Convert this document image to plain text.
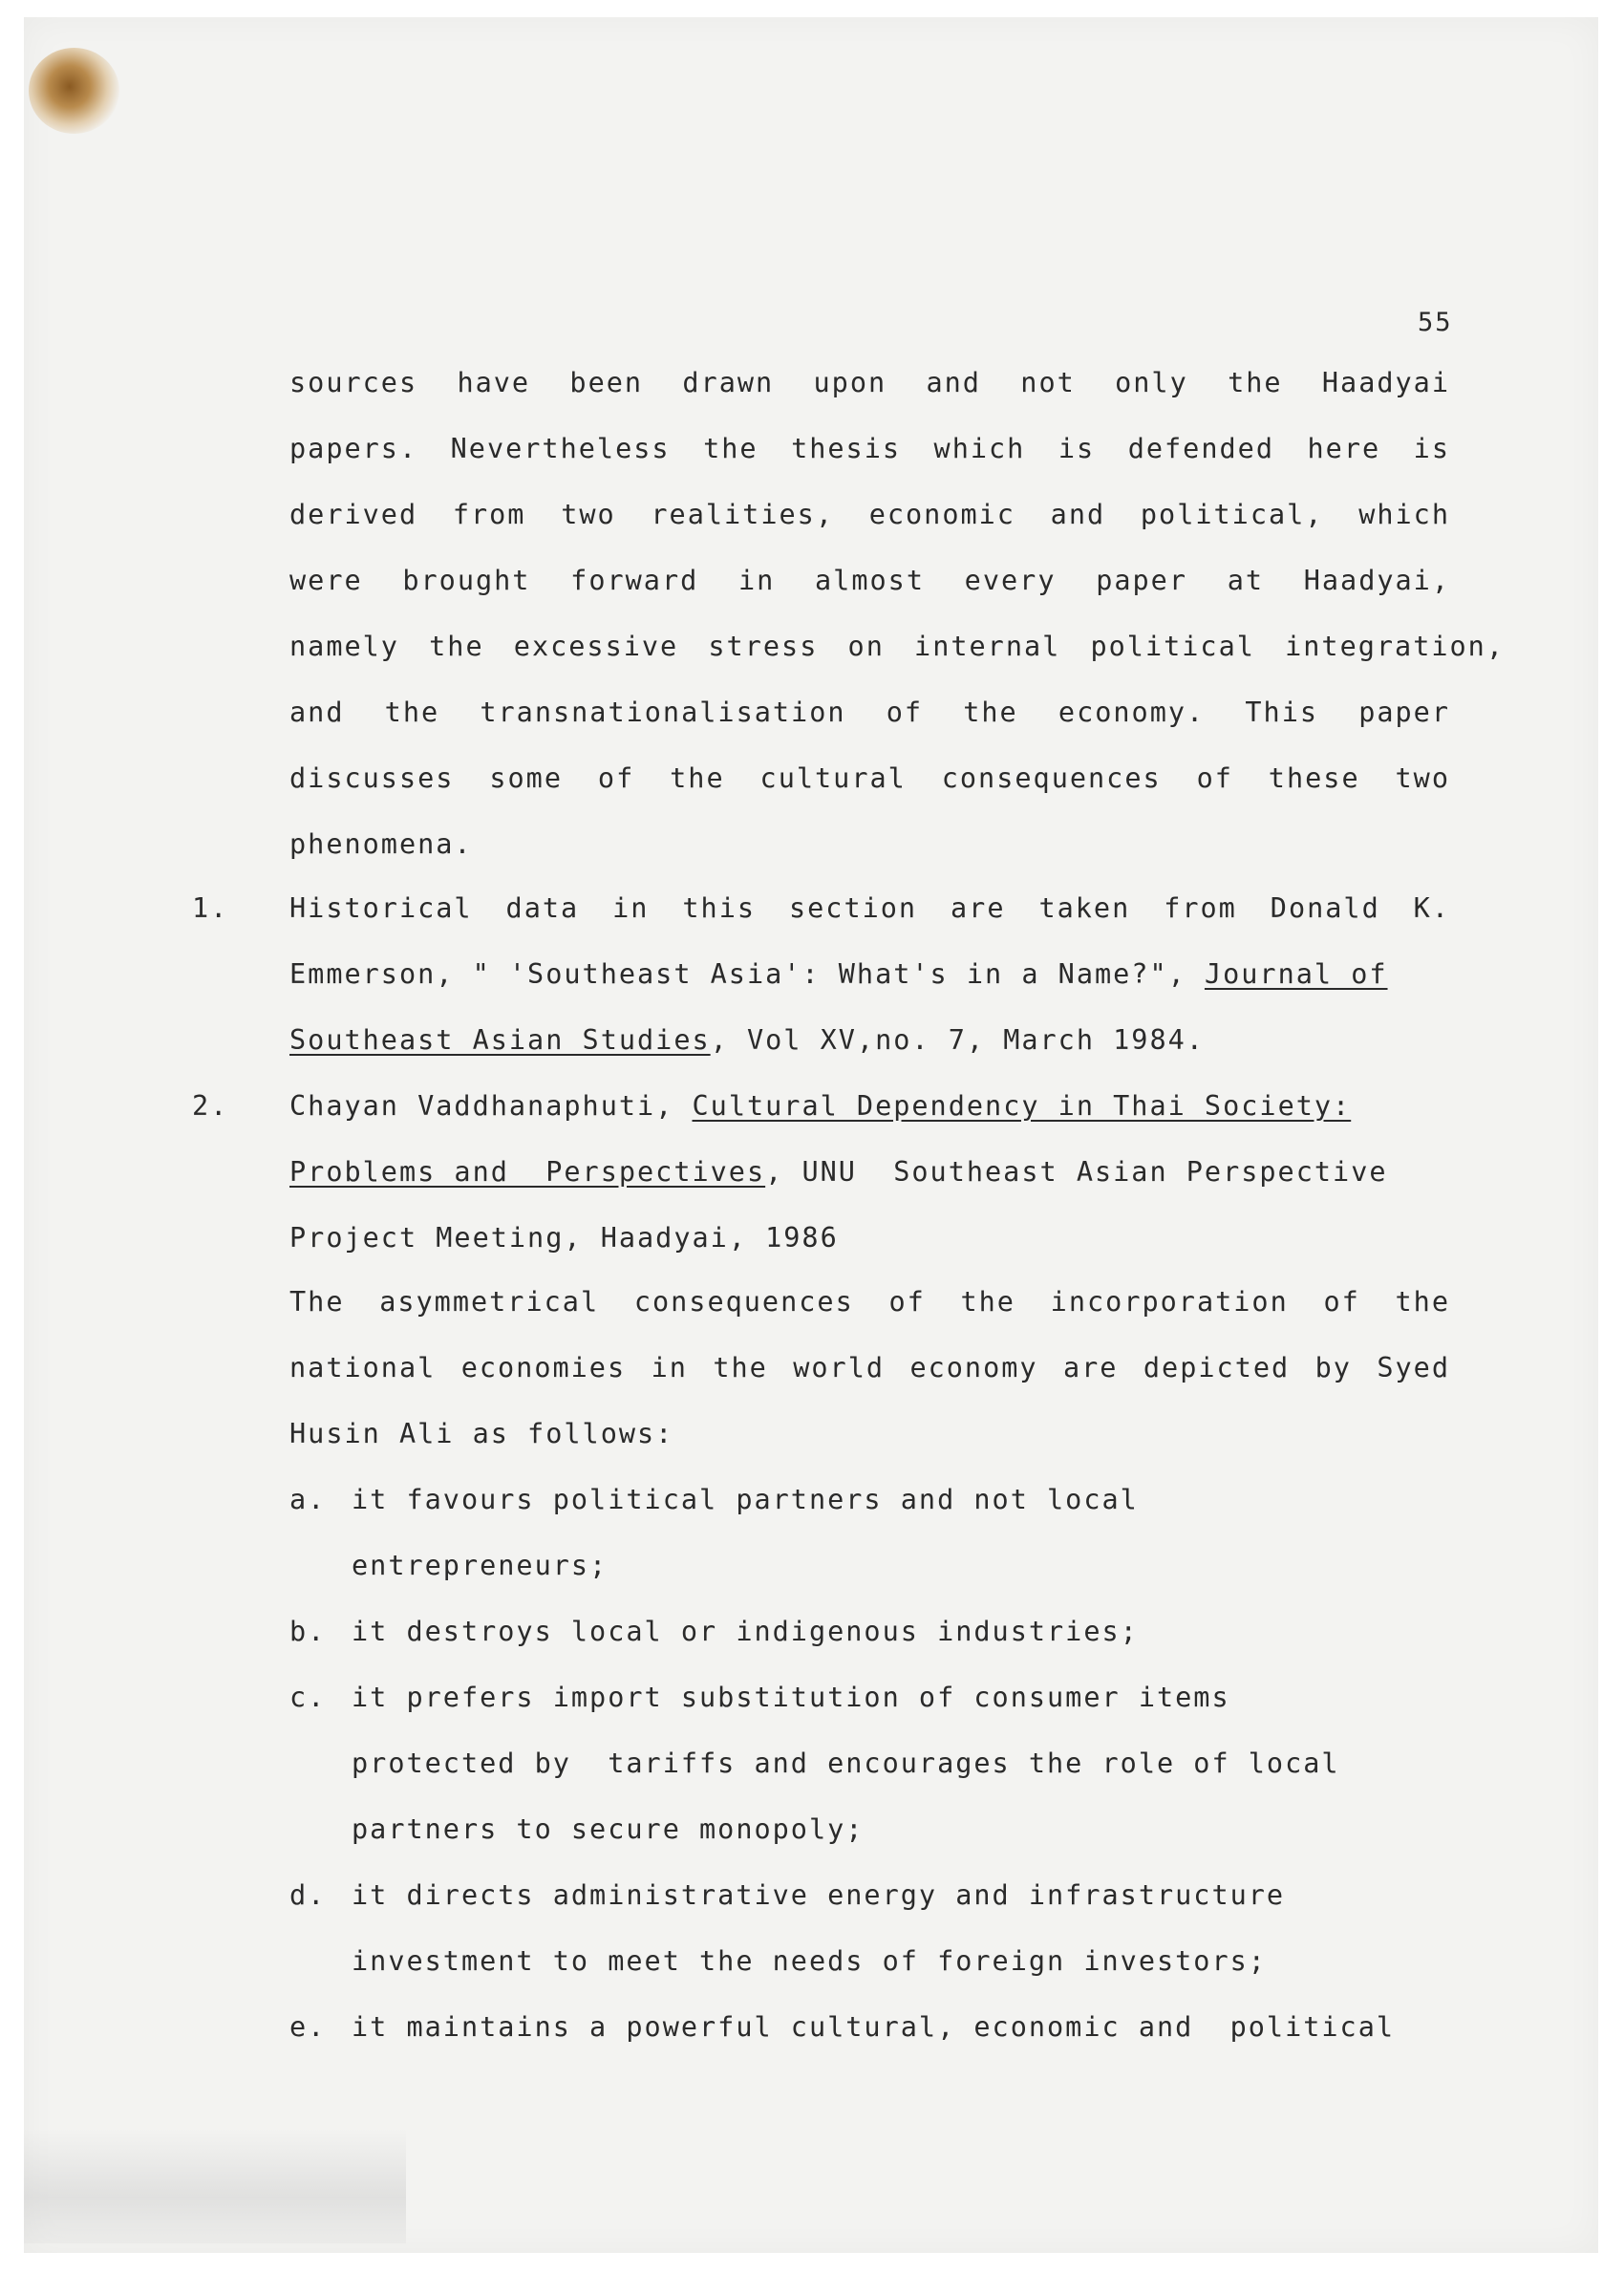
55
sources have been drawn upon and not only the Haadyai
papers. Nevertheless the thesis which is defended here is
derived from two realities, economic and political, which
were brought forward in almost every paper at Haadyai,
namely the excessive stress on internal political integration,
and the transnationalisation of the economy. This paper
discusses some of the cultural consequences of these two
phenomena.
1. Historical data in this section are taken from Donald K.
Emmerson, " 'Southeast Asia': What's in a Name?", Journal of
Southeast Asian Studies, Vol XV,no. 7, March 1984.
2. Chayan Vaddhanaphuti, Cultural Dependency in Thai Society:
Problems and  Perspectives, UNU  Southeast Asian Perspective
Project Meeting, Haadyai, 1986
The asymmetrical consequences of the incorporation of the
national economies in the world economy are depicted by Syed
Husin Ali as follows:
a. it favours political partners and not local
entrepreneurs;
b. it destroys local or indigenous industries;
c. it prefers import substitution of consumer items
protected by  tariffs and encourages the role of local
partners to secure monopoly;
d. it directs administrative energy and infrastructure
investment to meet the needs of foreign investors;
e. it maintains a powerful cultural, economic and  political
